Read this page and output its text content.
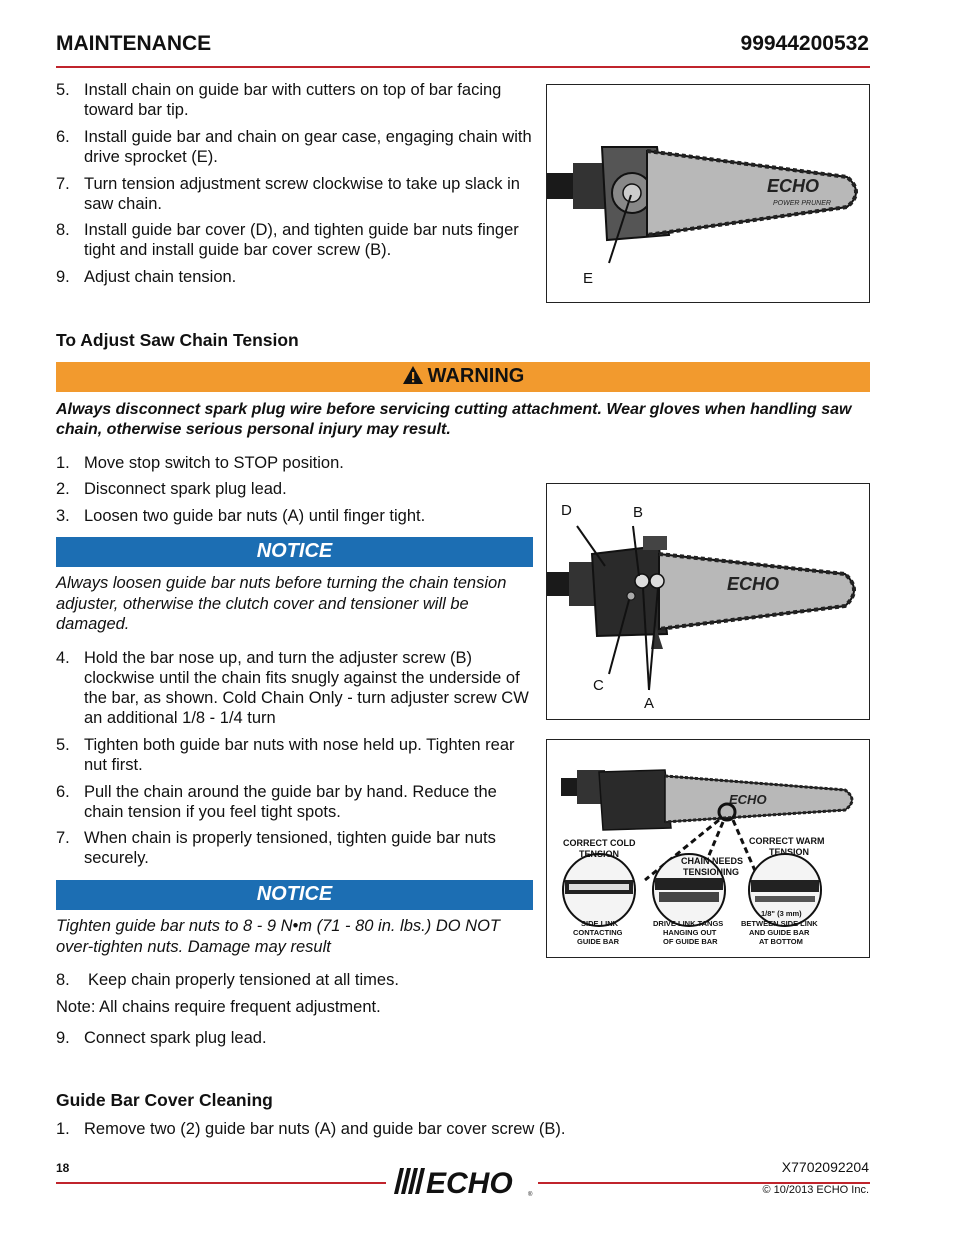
MAINTENANCE	99944200532
5. Install chain on guide bar with cutters on top of bar facing toward bar tip.
6. Install guide bar and chain on gear case, engaging chain with drive sprocket (E).
7. Turn tension adjustment screw clockwise to take up slack in saw chain.
8. Install guide bar cover (D), and tighten guide bar nuts finger tight and install guide bar cover screw (B).
9. Adjust chain tension.
ECHO
POWER PRUNER
E
To Adjust Saw Chain Tension
WARNING
Always disconnect spark plug wire before servicing cutting attachment. Wear gloves when handling saw chain, otherwise serious personal injury may result.
1. Move stop switch to STOP position.
2. Disconnect spark plug lead.
3. Loosen two guide bar nuts (A) until finger tight.
NOTICE
Always loosen guide bar nuts before turning the chain tension adjuster, otherwise the clutch cover and tensioner will be damaged.
4. Hold the bar nose up, and turn the adjuster screw (B) clockwise until the chain fits snugly against the underside of the bar, as shown. Cold Chain Only - turn adjuster screw CW an additional 1/8 - 1/4 turn
5. Tighten both guide bar nuts with nose held up. Tighten rear nut first.
6. Pull the chain around the guide bar by hand. Reduce the chain tension if you feel tight spots.
7. When chain is properly tensioned, tighten guide bar nuts securely.
ECHO
D	B
C
A
NOTICE
Tighten guide bar nuts to 8 - 9 N•m (71 - 80 in. lbs.) DO NOT over-tighten nuts. Damage may result
ECHO
CORRECT COLD TENSION
CHAIN NEEDS TENSIONING
CORRECT WARM TENSION
1/8" (3 mm)
SIDE LINK CONTACTING GUIDE BAR
DRIVE LINK TANGS HANGING OUT OF GUIDE BAR
BETWEEN SIDE LINK AND GUIDE BAR AT BOTTOM
8. Keep chain properly tensioned at all times.
Note: All chains require frequent adjustment.
9. Connect spark plug lead.
Guide Bar Cover Cleaning
1. Remove two (2) guide bar nuts (A) and guide bar cover screw (B).
18	ECHO	®
X7702092204
© 10/2013 ECHO Inc.
